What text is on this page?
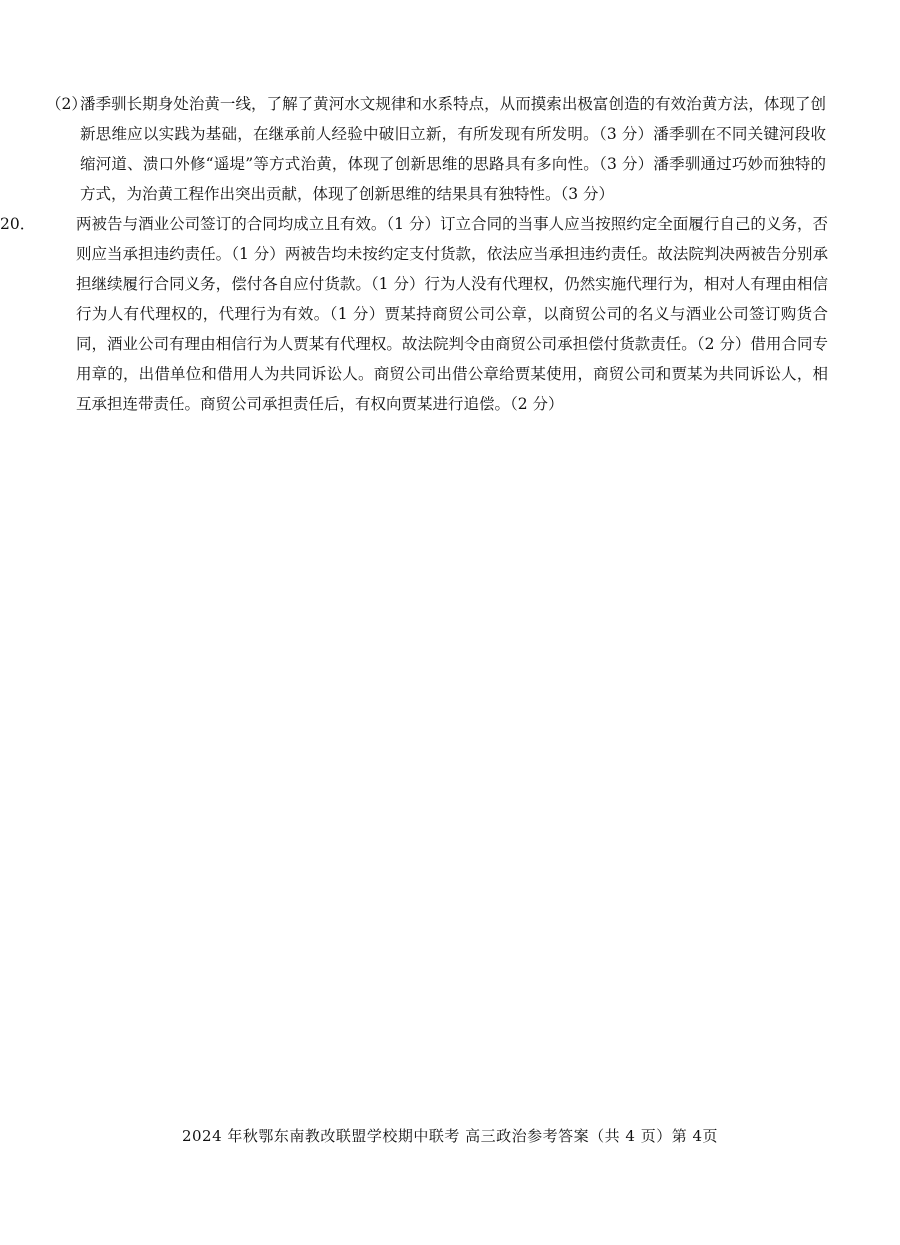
（2）潘季驯长期身处治黄一线，了解了黄河水文规律和水系特点，从而摸索出极富创造的有效治黄方法，体现了创新思维应以实践为基础，在继承前人经验中破旧立新，有所发现有所发明。（3 分）潘季驯在不同关键河段收缩河道、溃口外修“遥堤”等方式治黄，体现了创新思维的思路具有多向性。（3 分）潘季驯通过巧妙而独特的方式，为治黄工程作出突出贡献，体现了创新思维的结果具有独特性。（3 分）
20．	两被告与酒业公司签订的合同均成立且有效。（1 分）订立合同的当事人应当按照约定全面履行自己的义务，否则应当承担违约责任。（1 分）两被告均未按约定支付货款，依法应当承担违约责任。故法院判决两被告分别承担继续履行合同义务，偿付各自应付货款。（1 分）行为人没有代理权，仍然实施代理行为，相对人有理由相信行为人有代理权的，代理行为有效。（1 分）贾某持商贸公司公章，以商贸公司的名义与酒业公司签订购货合同，酒业公司有理由相信行为人贾某有代理权。故法院判令由商贸公司承担偿付货款责任。（2 分）借用合同专用章的，出借单位和借用人为共同诉讼人。商贸公司出借公章给贾某使用，商贸公司和贾某为共同诉讼人，相互承担连带责任。商贸公司承担责任后，有权向贾某进行追偿。（2 分）
2024 年秋鄂东南教改联盟学校期中联考 高三政治参考答案（共 4 页）第 4页
